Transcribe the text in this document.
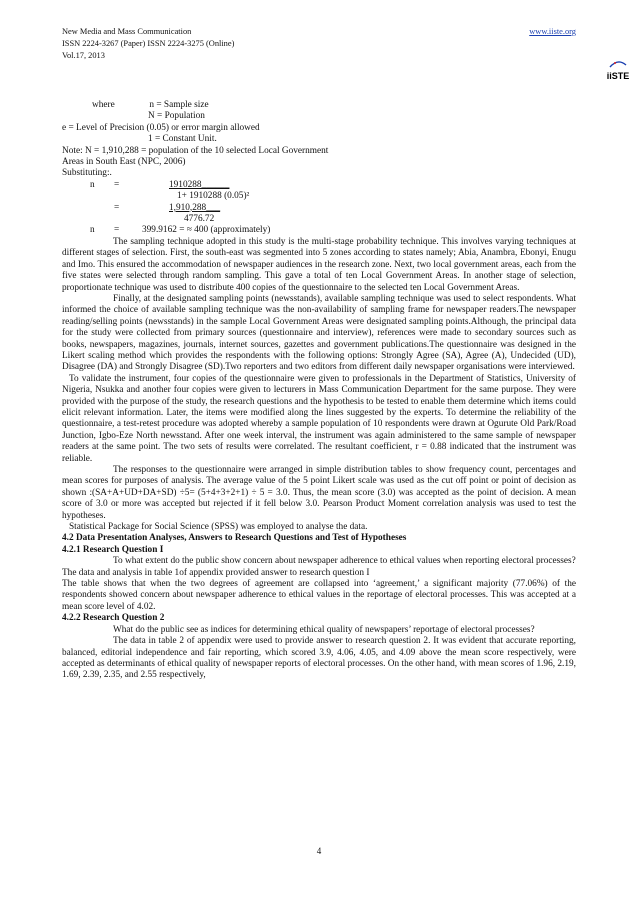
New Media and Mass Communication	www.iiste.org
ISSN 2224-3267 (Paper) ISSN 2224-3275 (Online)
Vol.17, 2013
iiSTE
where	n = Sample size
N = Population
e = Level of Precision (0.05) or error margin allowed
1 = Constant Unit.
Note: N = 1,910,288 = population of the 10 selected Local Government
Areas in South East (NPC, 2006)
Substituting:.
n =	1910288______
1+ 1910288 (0.05)²
=	1,910,288___
4776.72
n = 399.9162 = ≈ 400 (approximately)

The sampling technique adopted in this study is the multi-stage probability technique. This involves varying techniques at different stages of selection. First, the south-east was segmented into 5 zones according to states namely; Abia, Anambra, Ebonyi, Enugu and Imo. This ensured the accommodation of newspaper audiences in the research zone. Next, two local government areas, each from the five states were selected through random sampling. This gave a total of ten Local Government Areas. In another stage of selection, proportionate technique was used to distribute 400 copies of the questionnaire to the selected ten Local Government Areas.

Finally, at the designated sampling points (newsstands), available sampling technique was used to select respondents. What informed the choice of available sampling technique was the non-availability of sampling frame for newspaper readers.The newspaper reading/selling points (newsstands) in the sample Local Government Areas were designated sampling points.Although, the principal data for the study were collected from primary sources (questionnaire and interview), references were made to secondary sources such as books, newspapers, magazines, journals, internet sources, gazettes and government publications.The questionnaire was designed in the Likert scaling method which provides the respondents with the following options: Strongly Agree (SA), Agree (A), Undecided (UD), Disagree (DA) and Strongly Disagree (SD).Two reporters and two editors from different daily newspaper organisations were interviewed.

To validate the instrument, four copies of the questionnaire were given to professionals in the Department of Statistics, University of Nigeria, Nsukka and another four copies were given to lecturers in Mass Communication Department for the same purpose. They were provided with the purpose of the study, the research questions and the hypothesis to be tested to enable them determine which items could elicit relevant information. Later, the items were modified along the lines suggested by the experts. To determine the reliability of the questionnaire, a test-retest procedure was adopted whereby a sample population of 10 respondents were drawn at Ogurute Old Park/Road Junction, Igbo-Eze North newsstand. After one week interval, the instrument was again administered to the same sample of newspaper readers at the same point. The two sets of results were correlated. The resultant coefficient, r = 0.88 indicated that the instrument was reliable.

The responses to the questionnaire were arranged in simple distribution tables to show frequency count, percentages and mean scores for purposes of analysis. The average value of the 5 point Likert scale was used as the cut off point or point of decision as shown :(SA+A+UD+DA+SD) ÷5= (5+4+3+2+1) ÷ 5 = 3.0. Thus, the mean score (3.0) was accepted as the point of decision. A mean score of 3.0 or more was accepted but rejected if it fell below 3.0. Pearson Product Moment correlation analysis was used to test the hypotheses.

Statistical Package for Social Science (SPSS) was employed to analyse the data.

4.2 Data Presentation Analyses, Answers to Research Questions and Test of Hypotheses

4.2.1 Research Question I

To what extent do the public show concern about newspaper adherence to ethical values when reporting electoral processes?

The data and analysis in table 1of appendix provided answer to research question I

The table shows that when the two degrees of agreement are collapsed into ‘agreement,’ a significant majority (77.06%) of the respondents showed concern about newspaper adherence to ethical values in the reportage of electoral processes. This was accepted at a mean score level of 4.02.

4.2.2 Research Question 2

What do the public see as indices for determining ethical quality of newspapers’ reportage of electoral processes?

The data in table 2 of appendix were used to provide answer to research question 2. It was evident that accurate reporting, balanced, editorial independence and fair reporting, which scored 3.9, 4.06, 4.05, and 4.09 above the mean score respectively, were accepted as determinants of ethical quality of newspaper reports of electoral processes. On the other hand, with mean scores of 1.96, 2.19, 1.69, 2.39, 2.35, and 2.55 respectively,

4
